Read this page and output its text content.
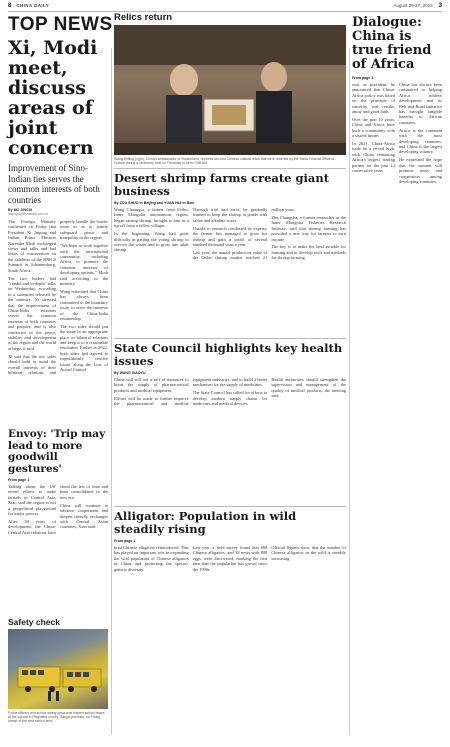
8 CHINA DAILY	August 26-27, 2023 3
TOP NEWS
Xi, Modi meet, discuss areas of joint concern
Improvement of Sino-Indian ties serves the common interests of both countries
By MO JINGXI
mojingxi@chinadaily.com.cn

The Foreign Ministry confirmed on Friday that President Xi Jinping and Indian Prime Minister Narendra Modi exchanged views and talks and had hours of conversation on the sidelines of the BRICS Summit in Johannesburg, South Africa.

The two leaders had "candid and in-depth" talks on Wednesday, according to a statement released by the ministry. Xi stressed that the improvement of China-India relations serves the common interests of both countries and peoples, and is also conducive to the peace, stability and development of the region and the world at large, it said.

Xi said that the two sides should hold in mind the overall interests of their bilateral relations and properly handle the border issue so as to jointly safeguard peace and tranquility in the region.

"We hope to work together with the international community, including Africa, to promote the common interests of developing nations," Modi said according to the ministry.

Wang reiterated that China has always been committed to the boundary issue, to serve the interests of the China-India relationship.

The two sides should put the issue in an appropriate place in bilateral relations and keep it to a reasonable resolution. Earlier in 2022, both sides had agreed to expeditiously resolve issues along the Line of Actual Control.

Envoy: 'Trip may lead to more goodwill gestures'
From page 1

Talking about the US' recent efforts to make inroads in Central Asia, Xiao said the region is not a geopolitical playground for major powers.

After 30 years of development, the China-Central Asia relations have stood the test of time and been consolidated in the new era.

China will continue to advance cooperation and deepen friendly exchanges with Central Asian countries, Xiao said.

Safety check
Police officers and school safety personnel inspect school buses at the square in Pingxiang county, Jiangxi province, on Friday, ahead of the new school term.
Relics return
Wang Shiting (right), China's ambassador to Switzerland, receives two lost Chinese cultural relics that were returned by the Swiss Federal Office of Culture during a ceremony held on Thursday in Bern. XINHUA
Desert shrimp farms create giant business
By ZOU SHUO in Beijing and YUAN HUI in Bole

Wang Chuangsa, a farmer from Orihu, Inner Mongolia autonomous region, began raising shrimp, brought to him as a tip-off from a fellow villager.

In the beginning, Wang had great difficulty in getting the young shrimp to survive the winter and to grow into adult shrimp.

Through trial and error, he gradually learned to keep the shrimp in ponds with saline and alkaline water.

Thanks to research conducted by experts, the farmer has managed to grow his shrimp and gain a profit of several hundred thousand yuan a year.

Last year, the annual production value of the Orihu shrimp market reached 21 million yuan.

Zhu Changsha, a former researcher at the Inner Mongolia Fisheries Research Institute, said that shrimp farming has provided a new way for farmers to earn income.

The key is to make the land suitable for farming and to develop tools and methods for shrimp farming.

State Council highlights key health issues
By WANG XIAOYU

China will roll out a raft of measures to boost the supply of pharmaceutical products and medical equipment.

Efforts will be made to further improve the pharmaceutical and medical equipment industries, and to build a better mechanism for the supply of medicines.

The State Council has called for efforts to develop modern supply chains for medicines and medical devices.

Health authorities should strengthen the supervision and management of the quality of medical products, the meeting said.

Alligator: Population in wild steadily rising
From page 1

bred Chinese alligators reintroduced. This has played an important role in expanding the wild population of Chinese alligators in China and protecting the species' genetic diversity.

Last year, a field survey found that 668 Chinese alligators, and 38 nests with 808 eggs, were discovered, marking the first time that the population has grown since the 1990s.

Official figures show that the number of Chinese alligators in the wild is steadily increasing.

Dialogue: China is true friend of Africa
From page 1

visit as president, he announced that China-Africa policy was based on the principle of sincerity, real results, amity and good faith.

Over the past 10 years, China and Africa have built a community with a shared future.

In 2021, China-Africa trade hit a record high, with China remaining Africa's largest trading partner for the past 14 consecutive years.

China has always been committed to helping Africa achieve development and its Belt and Road Initiative has brought tangible benefits to African countries.

Africa is the continent with the most developing countries, and China is the largest developing country.

He expressed the hope that the summit will promote unity and cooperation among developing countries.
